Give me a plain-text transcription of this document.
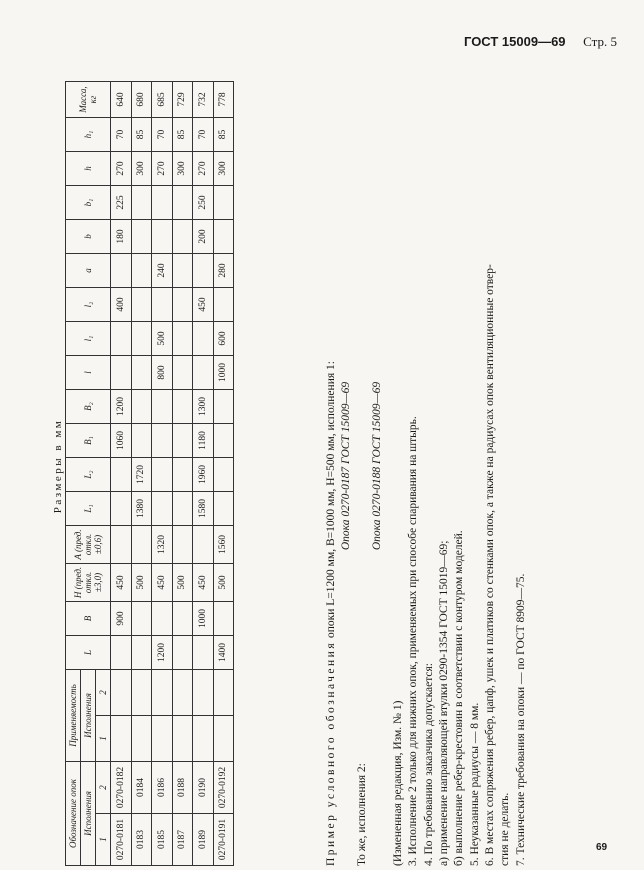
ГОСТ 15009—69 Стр. 5
Размеры в мм
Обозначение опок		Применяемость		L	B	H (пред. откл. ±3,0)	A (пред. откл. ±0,6)	L₁	L₂	B₁	B₂	l	l₁	l₂	a	b	b₁	h	h₁	Масса, кг
Исполнения		Исполнения																		
1	2	1	2																	
0270-0181	0270-0182				900	450				1060	1200			400		180	225	270	70	640
0183	0184					500		1380	1720									300	85	680
0185	0186			1200		450	1320					800	500		240			270	70	685
0187	0188					500												300	85	729
0189	0190				1000	450		1580	1960	1180	1300			450		200	250	270	70	732
0270-0191	0270-0192			1400		500	1560					1000	600		280			300	85	778

Пример условного обозначения опоки L=1200 мм, B=1000 мм, H=500 мм, исполнения 1: Опока 0270-0187 ГОСТ 15009—69

То же, исполнения 2:

Опока 0270-0188 ГОСТ 15009—69

(Измененная редакция, Изм. № 1) 3. Исполнение 2 только для нижних опок, применяемых при способе спаривания на штырь. 4. По требованию заказчика допускается: а) применение направляющей втулки 0290-1354 ГОСТ 15019—69; б) выполнение ребер-крестовин в соответствии с контуром моделей. 5. Неуказанные радиусы — 8 мм. 6. В местах сопряжения ребер, цапф, ушек и платиков со стенками опок, а также на радиусах опок вентиляционные отвер- стия не делать. 7. Технические требования на опоки — по ГОСТ 8909—75.	69
